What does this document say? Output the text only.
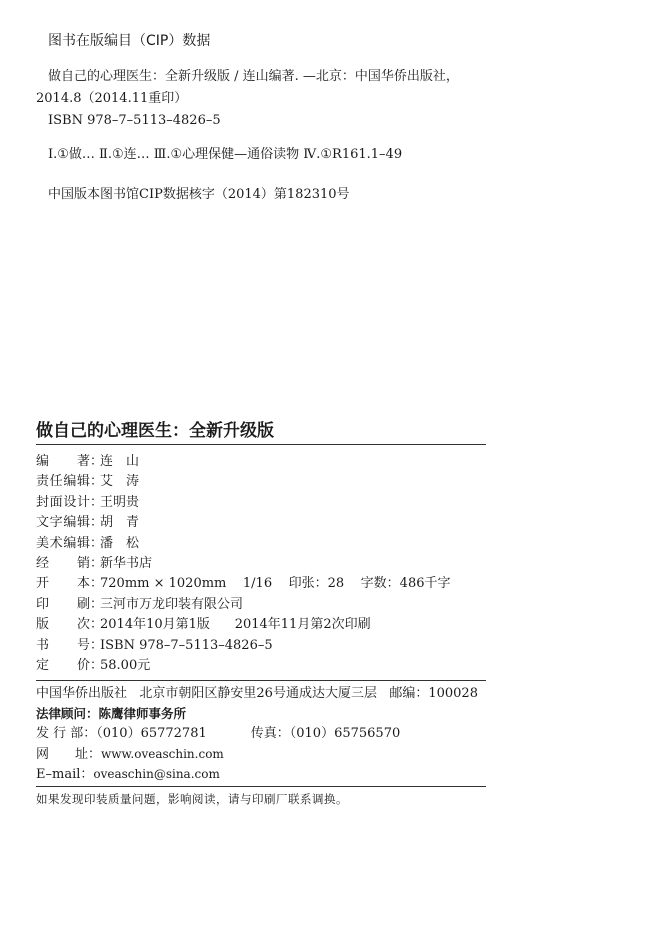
图书在版编目（CIP）数据
做自己的心理医生：全新升级版 / 连山编著. —北京：中国华侨出版社，
2014.8（2014.11重印）
ISBN 978–7–5113–4826–5
Ⅰ.①做… Ⅱ.①连… Ⅲ.①心理保健—通俗读物 Ⅳ.①R161.1–49
中国版本图书馆CIP数据核字（2014）第182310号
做自己的心理医生：全新升级版
编 著 ：
连　山
责 任 编 辑 ：
艾　涛
封 面 设 计 ：
王明贵
文 字 编 辑 ：
胡　青
美 术 编 辑 ：
潘　松
经 销 ：
新华书店
开 本 ：
720mm × 1020mm    1/16    印张：28    字数：486千字
印 刷 ：
三河市万龙印装有限公司
版 次 ：
2014年10月第1版      2014年11月第2次印刷
书 号 ：
ISBN 978–7–5113–4826–5
定 价 ：
58.00元
中国华侨出版社   北京市朝阳区静安里26号通成达大厦三层   邮编：100028
法律顾问：陈鹰律师事务所
发 行 部：（010）65772781	传真：（010）65756570
网　　址：www.oveaschin.com
E–mail：oveaschin@sina.com
如果发现印装质量问题，影响阅读，请与印刷厂联系调换。
